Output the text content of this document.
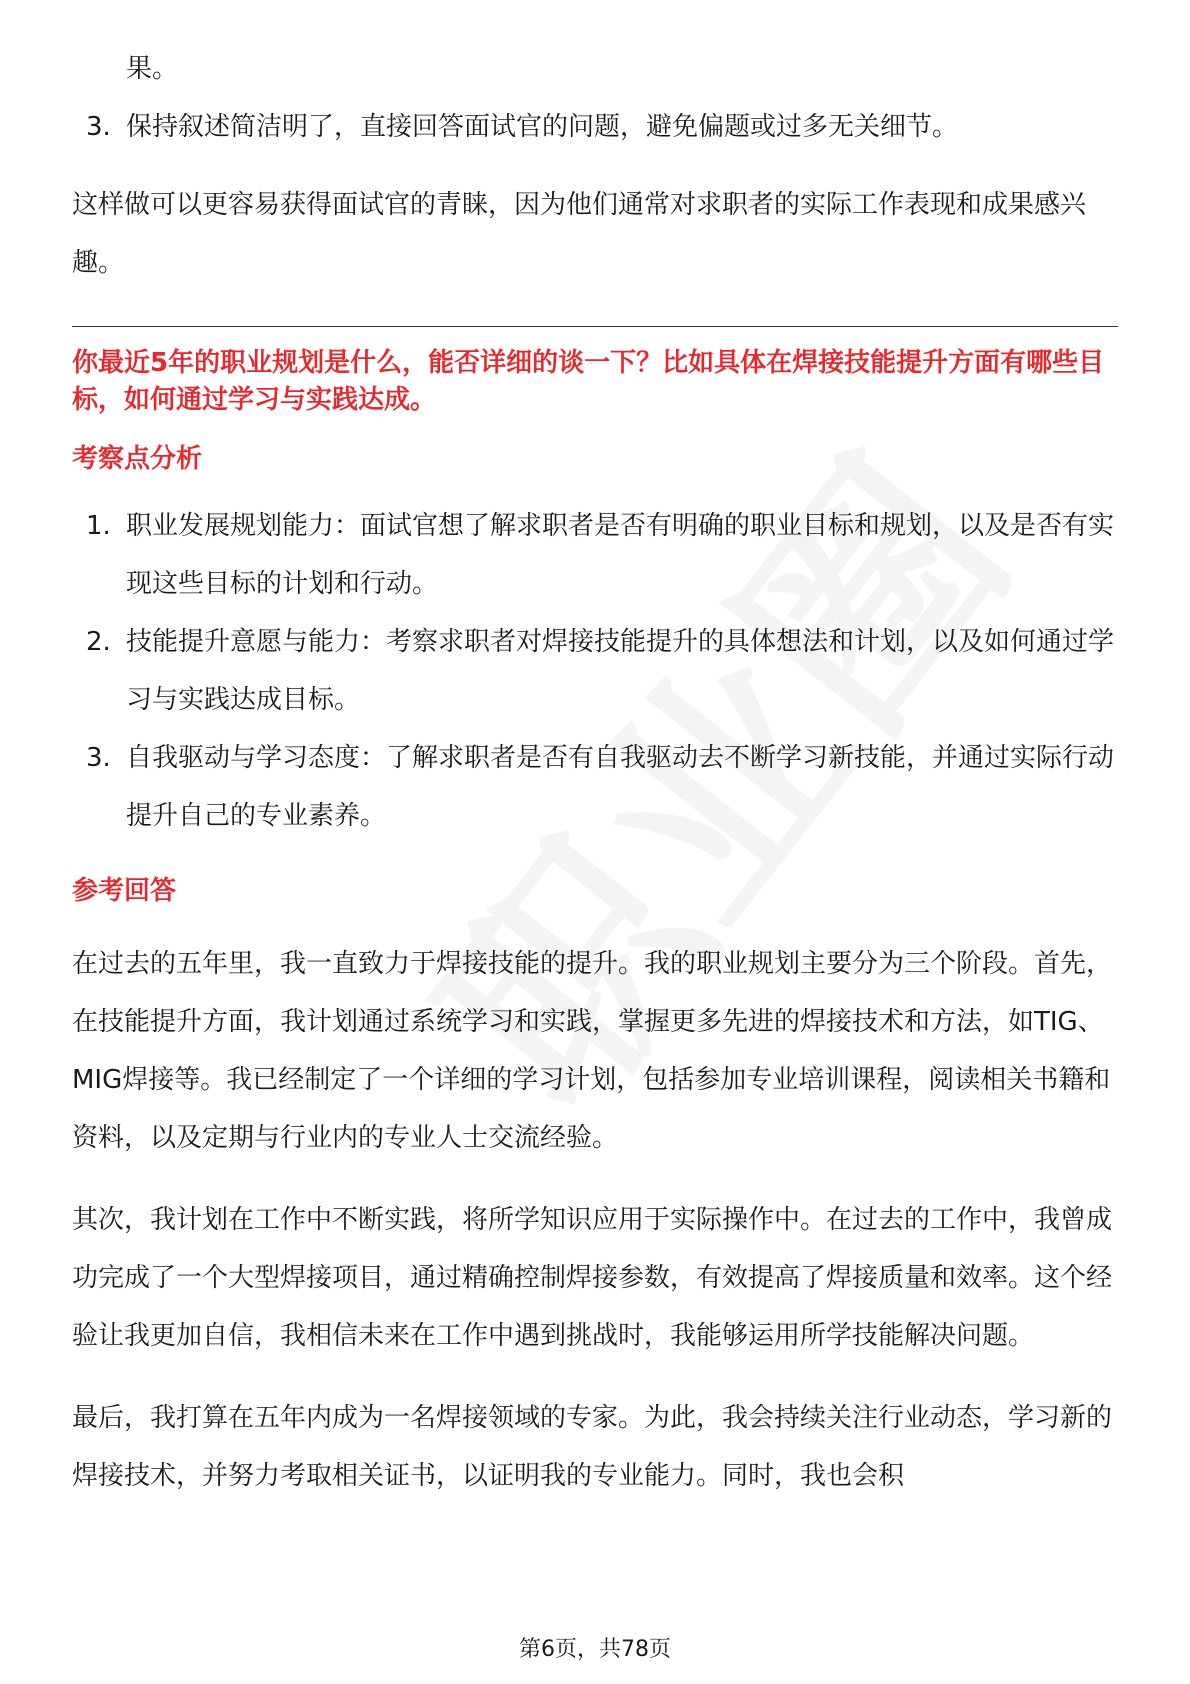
果。

3. 保持叙述简洁明了，直接回答面试官的问题，避免偏题或过多无关细节。

这样做可以更容易获得面试官的青睐，因为他们通常对求职者的实际工作表现和成果感兴趣。

你最近5年的职业规划是什么，能否详细的谈一下？比如具体在焊接技能提升方面有哪些目标，如何通过学习与实践达成。

考察点分析

1. 职业发展规划能力：面试官想了解求职者是否有明确的职业目标和规划，以及是否有实现这些目标的计划和行动。

2. 技能提升意愿与能力：考察求职者对焊接技能提升的具体想法和计划，以及如何通过学习与实践达成目标。

3. 自我驱动与学习态度：了解求职者是否有自我驱动去不断学习新技能，并通过实际行动提升自己的专业素养。

参考回答

在过去的五年里，我一直致力于焊接技能的提升。我的职业规划主要分为三个阶段。首先，在技能提升方面，我计划通过系统学习和实践，掌握更多先进的焊接技术和方法，如TIG、MIG焊接等。我已经制定了一个详细的学习计划，包括参加专业培训课程，阅读相关书籍和资料，以及定期与行业内的专业人士交流经验。

其次，我计划在工作中不断实践，将所学知识应用于实际操作中。在过去的工作中，我曾成功完成了一个大型焊接项目，通过精确控制焊接参数，有效提高了焊接质量和效率。这个经验让我更加自信，我相信未来在工作中遇到挑战时，我能够运用所学技能解决问题。

最后，我打算在五年内成为一名焊接领域的专家。为此，我会持续关注行业动态，学习新的焊接技术，并努力考取相关证书，以证明我的专业能力。同时，我也会积

第6页，共78页
